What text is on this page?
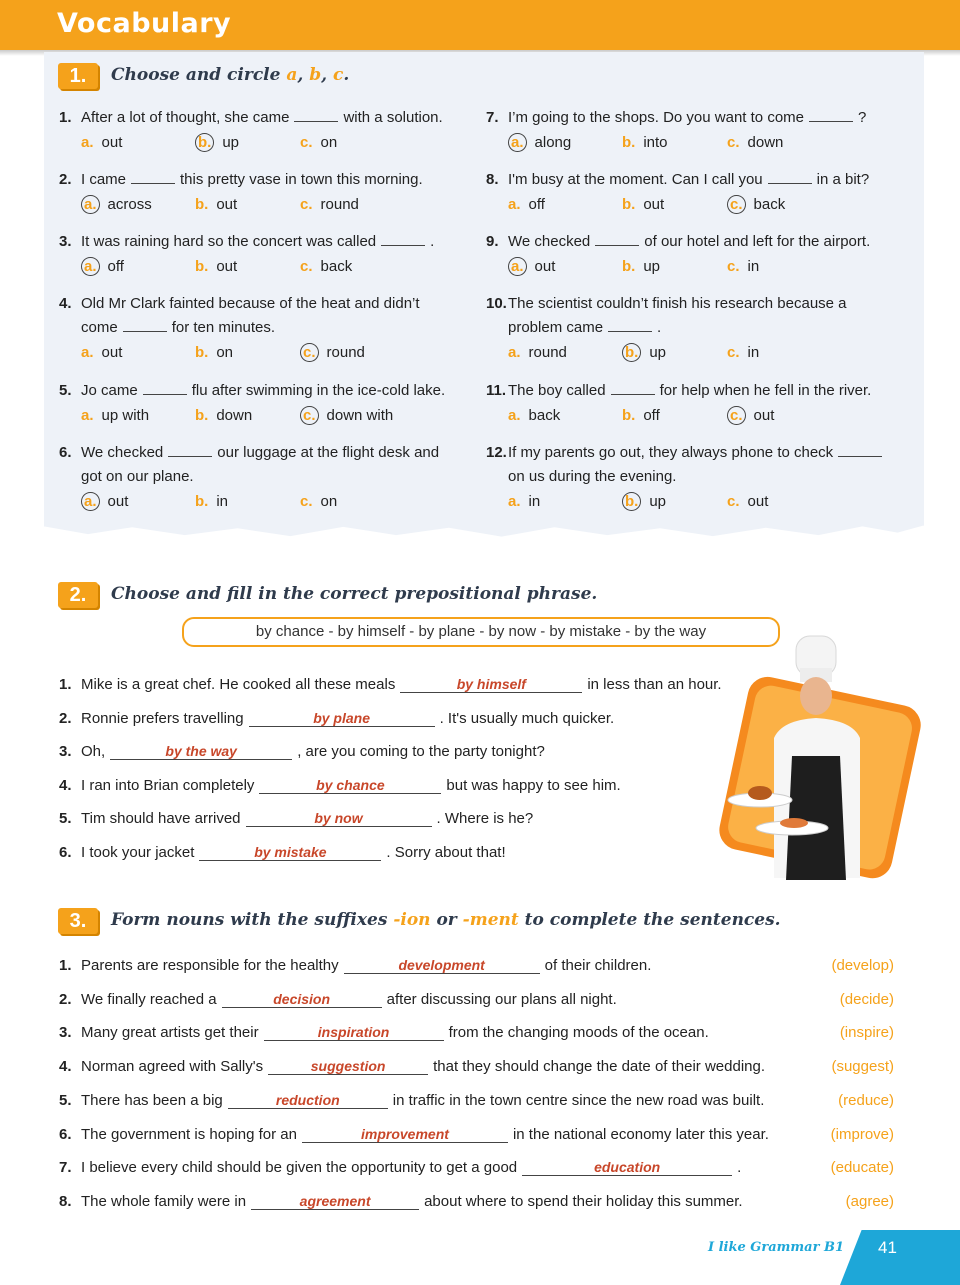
Vocabulary
1.	Choose and circle a, b, c.
1. After a lot of thought, she came	with a solution.
a. out	b. up	c. on
2. I came	this pretty vase in town this morning.
a. across	b. out	c. round
3. It was raining hard so the concert was called	.
a. off	b. out	c. back
4. Old Mr Clark fainted because of the heat and didn’t
come	for ten minutes.
a. out	b. on	c. round
5. Jo came	flu after swimming in the ice-cold lake.
a. up with	b. down	c. down with
6. We checked	our luggage at the flight desk and
got on our plane.
a. out	b. in	c. on
7. I’m going to the shops. Do you want to come	?
a. along	b. into	c. down
8. I'm busy at the moment. Can I call you	in a bit?
a. off	b. out	c. back
9. We checked	of our hotel and left for the airport.
a. out	b. up	c. in
10.The scientist couldn’t finish his research because a
problem came	.
a. round	b. up	c. in
11. The boy called	for help when he fell in the river.
a. back	b. off	c. out
12.If my parents go out, they always phone to check
on us during the evening.
a. in	b. up	c. out
2.	Choose and fill in the correct prepositional phrase.
by chance - by himself - by plane - by now - by mistake - by the way
1. Mike is a great chef. He cooked all these meals	by himself	in less than an hour.
2. Ronnie prefers travelling	by plane	. It's usually much quicker.
3. Oh,	by the way	, are you coming to the party tonight?
4. I ran into Brian completely	by chance	but was happy to see him.
5. Tim should have arrived	by now	. Where is he?
6. I took your jacket	by mistake	. Sorry about that!
3.	Form nouns with the suffixes -ion or -ment to complete the sentences.
1. Parents are responsible for the healthy	development	of their children.	(develop)
2. We finally reached a	decision	after discussing our plans all night.	(decide)
3. Many great artists get their	inspiration	from the changing moods of the ocean.	(inspire)
4. Norman agreed with Sally's	suggestion	that they should change the date of their wedding.	(suggest)
5. There has been a big	reduction	in traffic in the town centre since the new road was built.	(reduce)
6. The government is hoping for an	improvement	in the national economy later this year.	(improve)
7. I believe every child should be given the opportunity to get a good	education	.	(educate)
8. The whole family were in	agreement	about where to spend their holiday this summer.	(agree)
I like Grammar B1 41
